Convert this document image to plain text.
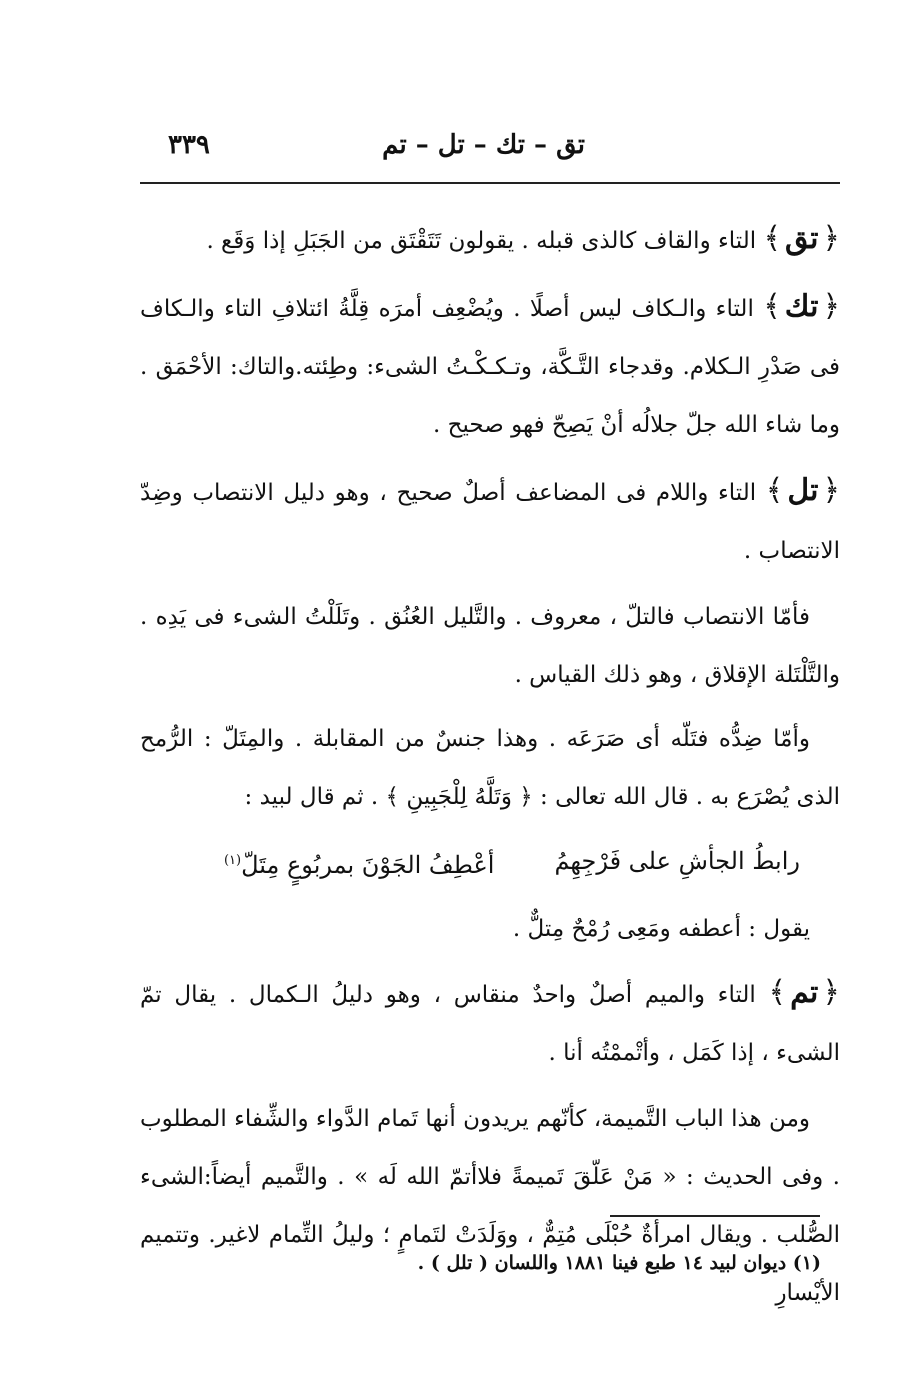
تق – تك – تل – تم
٣٣٩

﴿تق﴾ التاء والقاف كالذى قبله . يقولون تَتَقْتَق من الجَبَلِ إذا وَقَع .

﴿تك﴾ التاء والـكاف ليس أصلًا . ويُضْعِف أمرَه قِلَّةُ ائتلافِ التاء والـكاف فى صَدْرِ الـكلام. وقدجاء التَّـكَّة، وتـكـكْـتُ الشىء: وطِئته.والتاك: الأحْمَق . وما شاء الله جلّ جلالُه أنْ يَصِحّ فهو صحيح .

﴿تل﴾ التاء واللام فى المضاعف أصلٌ صحيح ، وهو دليل الانتصاب وضِدّ الانتصاب .

فأمّا الانتصاب فالتلّ ، معروف . والتَّليل العُنُق . وتَلَلْتُ الشىء فى يَدِه . والتَّلْتَلة الإقلاق ، وهو ذلك القياس .

وأمّا ضِدُّه فتَلّه أى صَرَعَه . وهذا جنسٌ من المقابلة . والمِتَلّ : الرُّمح الذى يُصْرَع به . قال الله تعالى : ﴿ وَتَلَّهُ لِلْجَبِينِ ﴾ . ثم قال لبيد :

رابطُ الجأشِ على فَرْجِهِمُ
أعْطِفُ الجَوْنَ بمربُوعٍ مِتَلّ$^{(١)}$

يقول : أعطفه ومَعِى رُمْحٌ مِتلٌّ .

﴿تم﴾ التاء والميم أصلٌ واحدٌ منقاس ، وهو دليلُ الـكمال . يقال تمّ الشىء ، إذا كَمَل ، وأتْممْتُه أنا .

ومن هذا الباب التَّميمة، كأنّهم يريدون أنها تَمام الدَّواء والشِّفاء المطلوب . وفى الحديث : « مَنْ عَلّقَ تَميمةً فلاأتمّ الله لَه » . والتَّميم أيضاً:الشىء الصُّلب . ويقال امرأةٌ حُبْلَى مُتِمٌّ ، ووَلَدَتْ لتَمامٍ ؛ وليلُ التِّمام لاغير. وتتميم الأيْسارِ

(١) ديوان لبيد ١٤ طبع فينا ١٨٨١ واللسان ( تلل ) .
